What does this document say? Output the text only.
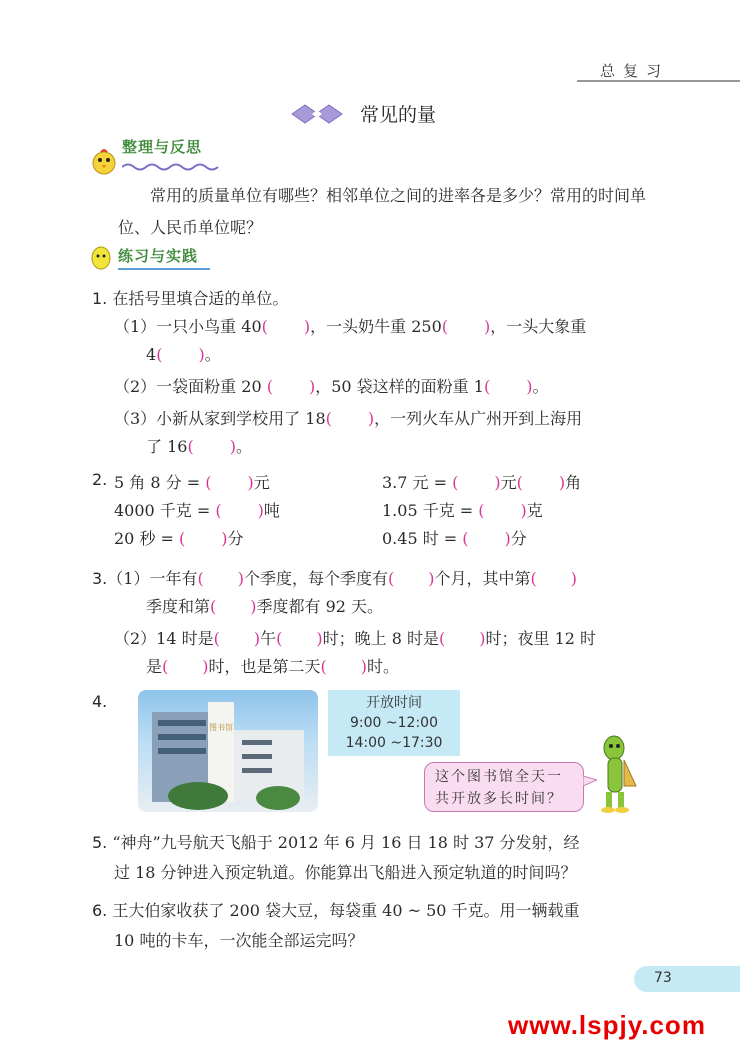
总复习
常见的量
整理与反思
常用的质量单位有哪些？相邻单位之间的进率各是多少？常用的时间单位、人民币单位呢？
练习与实践
1. 在括号里填合适的单位。
（1）一只小鸟重 40( )，一头奶牛重 250( )，一头大象重
4( )。
（2）一袋面粉重 20 ( )，50 袋这样的面粉重 1( )。
（3）小新从家到学校用了 18( )，一列火车从广州开到上海用
了 16( )。
2. 5 角 8 分 = ( )元	3.7 元 = ( )元( )角
4000 千克 = ( )吨	1.05 千克 = ( )克
20 秒 = ( )分	0.45 时 = ( )分
3.（1）一年有( )个季度，每个季度有( )个月，其中第( )
季度和第( )季度都有 92 天。
（2）14 时是( )午( )时；晚上 8 时是( )时；夜里 12 时
是( )时，也是第二天( )时。
4.
图书馆
开放时间
9:00 ~12:00
14:00 ~17:30
这个图书馆全天一共开放多长时间？
5. “神舟”九号航天飞船于 2012 年 6 月 16 日 18 时 37 分发射，经
过 18 分钟进入预定轨道。你能算出飞船进入预定轨道的时间吗？
6. 王大伯家收获了 200 袋大豆，每袋重 40 ~ 50 千克。用一辆载重
10 吨的卡车，一次能全部运完吗？
73
www.lspjy.com
